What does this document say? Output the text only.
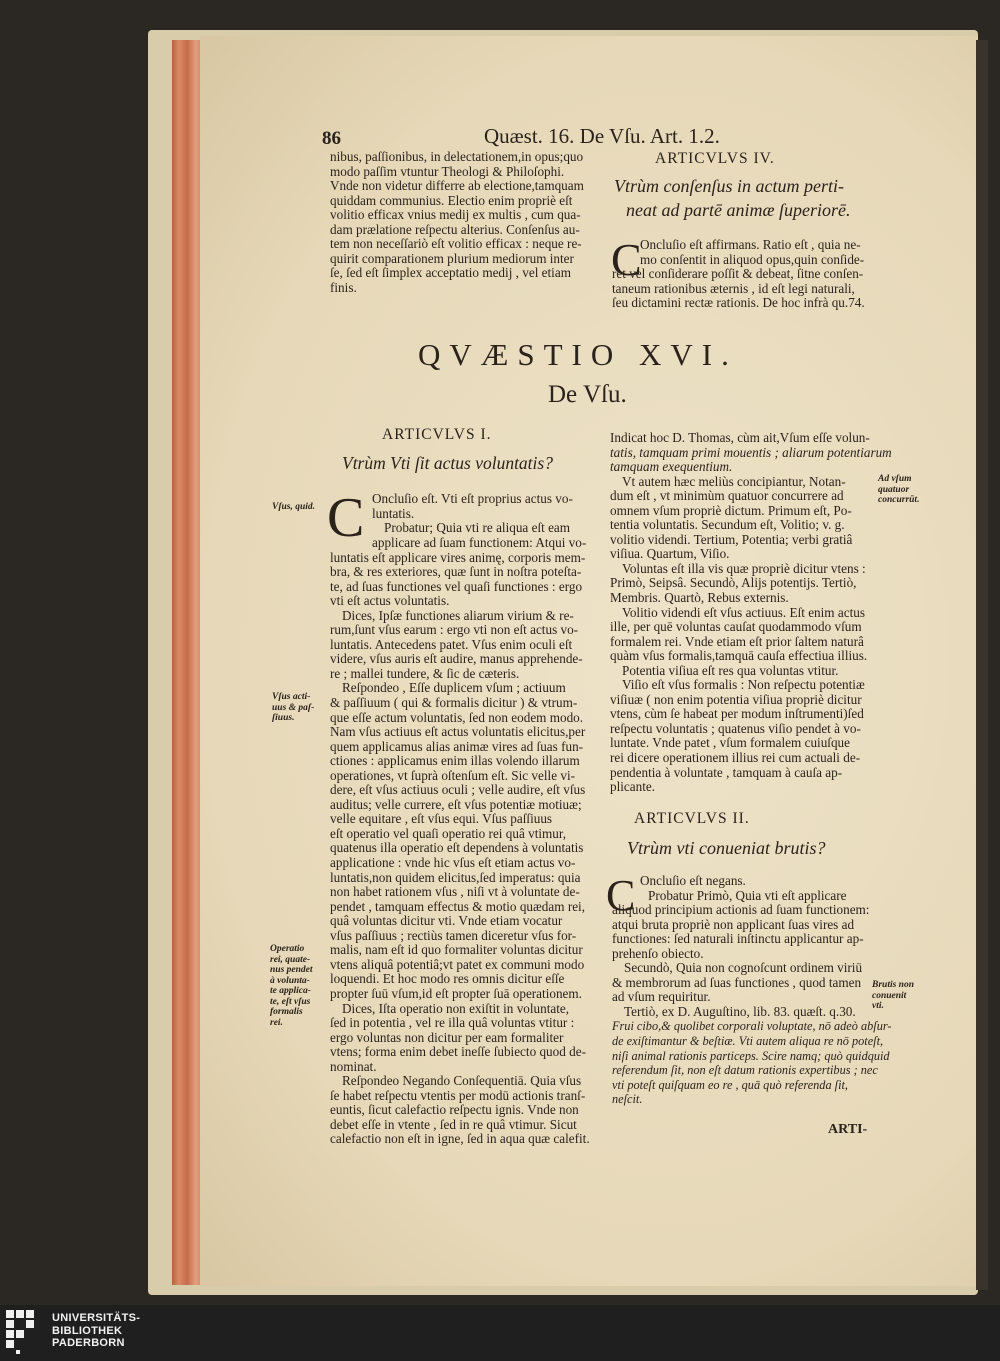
86	Quæst. 16. De Vſu. Art. 1.2.
nibus, paſſionibus, in delectationem,in opus;quo
modo paſſim vtuntur Theologi & Philoſophi.
Vnde non videtur differre ab electione,tamquam
quiddam communius. Electio enim propriè eſt
volitio efficax vnius medij ex multis , cum qua-
dam prælatione reſpectu alterius. Conſenſus au-
tem non neceſſariò eſt volitio efficax : neque re-
quirit comparationem plurium mediorum inter
ſe, ſed eſt ſimplex acceptatio medij , vel etiam
finis.
ARTICVLVS IV.
Vtrùm conſenſus in actum perti-
neat ad partē animæ ſuperiorē.
C
Oncluſio eſt affirmans. Ratio eſt , quia ne-
mo conſentit in aliquod opus,quin conſide-
ret vel conſiderare poſſit & debeat, ſitne conſen-
taneum rationibus æternis , id eſt legi naturali,
ſeu dictamini rectæ rationis. De hoc infrà qu.74.
QVÆSTIO XVI.
De Vſu.
ARTICVLVS I.
Vtrùm Vti ſit actus voluntatis?
C Oncluſio eſt. Vti eſt proprius actus vo-
luntatis.
Probatur; Quia vti re aliqua eſt eam
applicare ad ſuam functionem: Atqui vo-
luntatis eſt applicare vires animę, corporis mem-
bra, & res exteriores, quæ ſunt in noſtra poteſta-
te, ad ſuas functiones vel quaſi functiones : ergo
vti eſt actus voluntatis.
Dices, Ipſæ functiones aliarum virium & re-
rum,ſunt vſus earum : ergo vti non eſt actus vo-
luntatis. Antecedens patet. Vſus enim oculi eſt
videre, vſus auris eſt audire, manus apprehende-
re ; mallei tundere, & ſic de cæteris.
Reſpondeo , Eſſe duplicem vſum ; actiuum
& paſſiuum ( qui & formalis dicitur ) & vtrum-
que eſſe actum voluntatis, ſed non eodem modo.
Nam vſus actiuus eſt actus voluntatis elicitus,per
quem applicamus alias animæ vires ad ſuas fun-
ctiones : applicamus enim illas volendo illarum
operationes, vt ſuprà oſtenſum eſt. Sic velle vi-
dere, eſt vſus actiuus oculi ; velle audire, eſt vſus
auditus; velle currere, eſt vſus potentiæ motiuæ;
velle equitare , eſt vſus equi. Vſus paſſiuus
eſt operatio vel quaſi operatio rei quâ vtimur,
quatenus illa operatio eſt dependens à voluntatis
applicatione : vnde hic vſus eſt etiam actus vo-
luntatis,non quidem elicitus,ſed imperatus: quia
non habet rationem vſus , niſi vt à voluntate de-
pendet , tamquam effectus & motio quædam rei,
quâ voluntas dicitur vti. Vnde etiam vocatur
vſus paſſiuus ; rectiùs tamen diceretur vſus for-
malis, nam eſt id quo formaliter voluntas dicitur
vtens aliquâ potentiâ;vt patet ex communi modo
loquendi. Et hoc modo res omnis dicitur eſſe
propter ſuū vſum,id eſt propter ſuā operationem.
Dices, Iſta operatio non exiſtit in voluntate,
ſed in potentia , vel re illa quâ voluntas vtitur :
ergo voluntas non dicitur per eam formaliter
vtens; forma enim debet ineſſe ſubiecto quod de-
nominat.
Reſpondeo Negando Conſequentiā. Quia vſus
ſe habet reſpectu vtentis per modū actionis tranſ-
euntis, ſicut calefactio reſpectu ignis. Vnde non
debet eſſe in vtente , ſed in re quâ vtimur. Sicut
calefactio non eſt in igne, ſed in aqua quæ calefit.
Indicat hoc D. Thomas, cùm ait,Vſum eſſe volun-
tatis, tamquam primi mouentis ; aliarum potentiarum
tamquam exequentium.
Vt autem hæc meliùs concipiantur, Notan-
dum eſt , vt minimùm quatuor concurrere ad
omnem vſum propriè dictum. Primum eſt, Po-
tentia voluntatis. Secundum eſt, Volitio; v. g.
volitio videndi. Tertium, Potentia; verbi gratiâ
viſiua. Quartum, Viſio.
Voluntas eſt illa vis quæ propriè dicitur vtens :
Primò, Seipsâ. Secundò, Alijs potentijs. Tertiò,
Membris. Quartò, Rebus externis.
Volitio videndi eſt vſus actiuus. Eſt enim actus
ille, per quē voluntas cauſat quodammodo vſum
formalem rei. Vnde etiam eſt prior ſaltem naturâ
quàm vſus formalis,tamquā cauſa effectiua illius.
Potentia viſiua eſt res qua voluntas vtitur.
Viſio eſt vſus formalis : Non reſpectu potentiæ
viſiuæ ( non enim potentia viſiua propriè dicitur
vtens, cùm ſe habeat per modum inſtrumenti)ſed
reſpectu voluntatis ; quatenus viſio pendet à vo-
luntate. Vnde patet , vſum formalem cuiuſque
rei dicere operationem illius rei cum actuali de-
pendentia à voluntate , tamquam à cauſa ap-
plicante.
ARTICVLVS II.
Vtrùm vti conueniat brutis?
C Oncluſio eſt negans.
Probatur Primò, Quia vti eſt applicare
aliquod principium actionis ad ſuam functionem:
atqui bruta propriè non applicant ſuas vires ad
functiones: ſed naturali inſtinctu applicantur ap-
prehenſo obiecto.
Secundò, Quia non cognoſcunt ordinem viriū
& membrorum ad ſuas functiones , quod tamen
ad vſum requiritur.
Tertiò, ex D. Auguſtino, lib. 83. quæſt. q.30.
Frui cibo,& quolibet corporali voluptate, nō adeò abſur-
de exiſtimantur & beſtiæ. Vti autem aliqua re nō poteſt,
niſi animal rationis particeps. Scire namq; quò quidquid
referendum ſit, non eſt datum rationis expertibus ; nec
vti poteſt quiſquam eo re , quā quò referenda ſit,
neſcit.
ARTI-
Vſus, quid.
Vſus acti-
uus & paſ-
ſiuus.
Operatio
rei, quate-
nus pendet
à volunta-
te applica-
te, eſt vſus
formalis
rei.
Ad vſum
quatuor
concurrūt.
Brutis non
conuenit
vti.
UNIVERSITÄTS-
BIBLIOTHEK
PADERBORN
